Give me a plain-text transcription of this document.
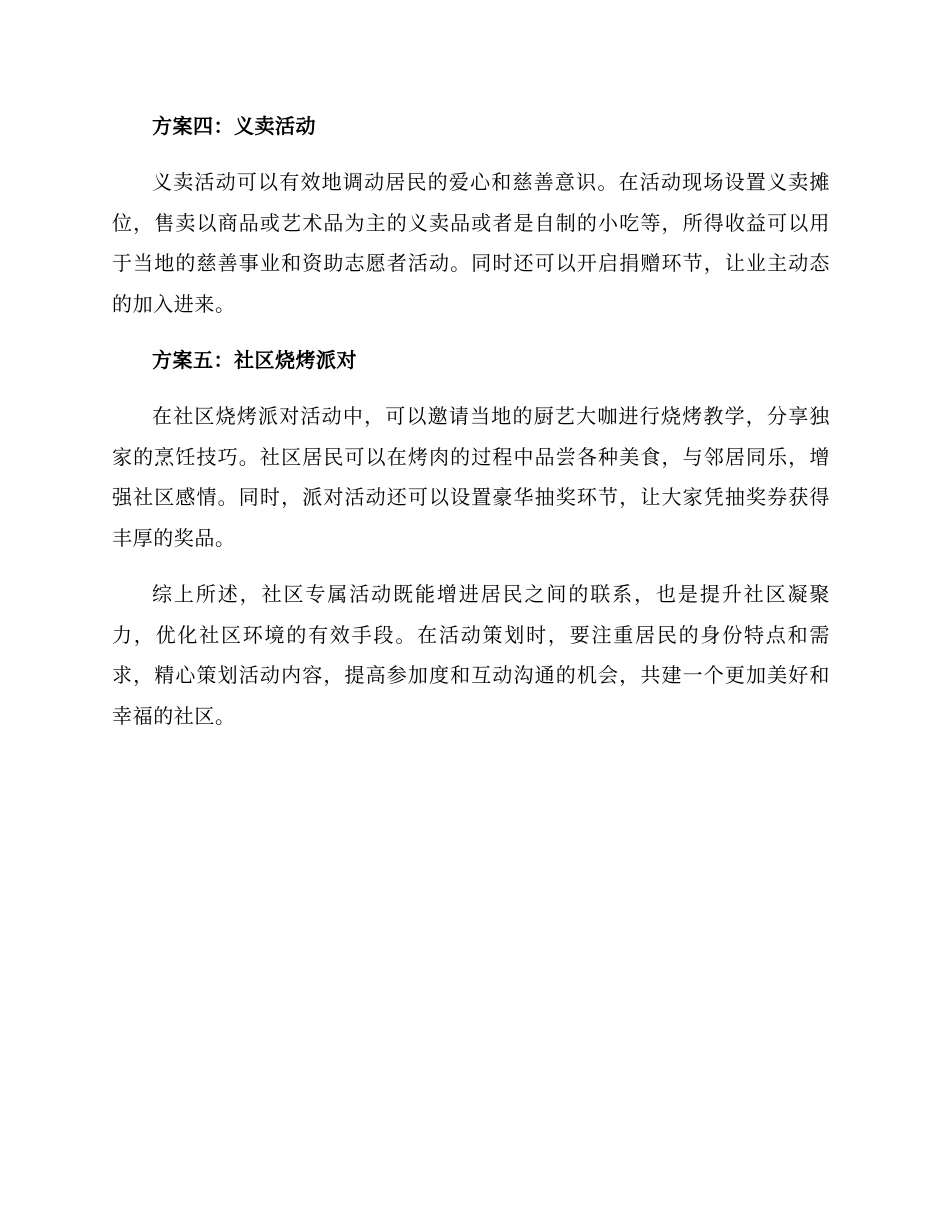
方案四：义卖活动

义卖活动可以有效地调动居民的爱心和慈善意识。在活动现场设置义卖摊位，售卖以商品或艺术品为主的义卖品或者是自制的小吃等，所得收益可以用于当地的慈善事业和资助志愿者活动。同时还可以开启捐赠环节，让业主动态的加入进来。

方案五：社区烧烤派对

在社区烧烤派对活动中，可以邀请当地的厨艺大咖进行烧烤教学，分享独家的烹饪技巧。社区居民可以在烤肉的过程中品尝各种美食，与邻居同乐，增强社区感情。同时，派对活动还可以设置豪华抽奖环节，让大家凭抽奖券获得丰厚的奖品。

综上所述，社区专属活动既能增进居民之间的联系，也是提升社区凝聚力，优化社区环境的有效手段。在活动策划时，要注重居民的身份特点和需求，精心策划活动内容，提高参加度和互动沟通的机会，共建一个更加美好和幸福的社区。
